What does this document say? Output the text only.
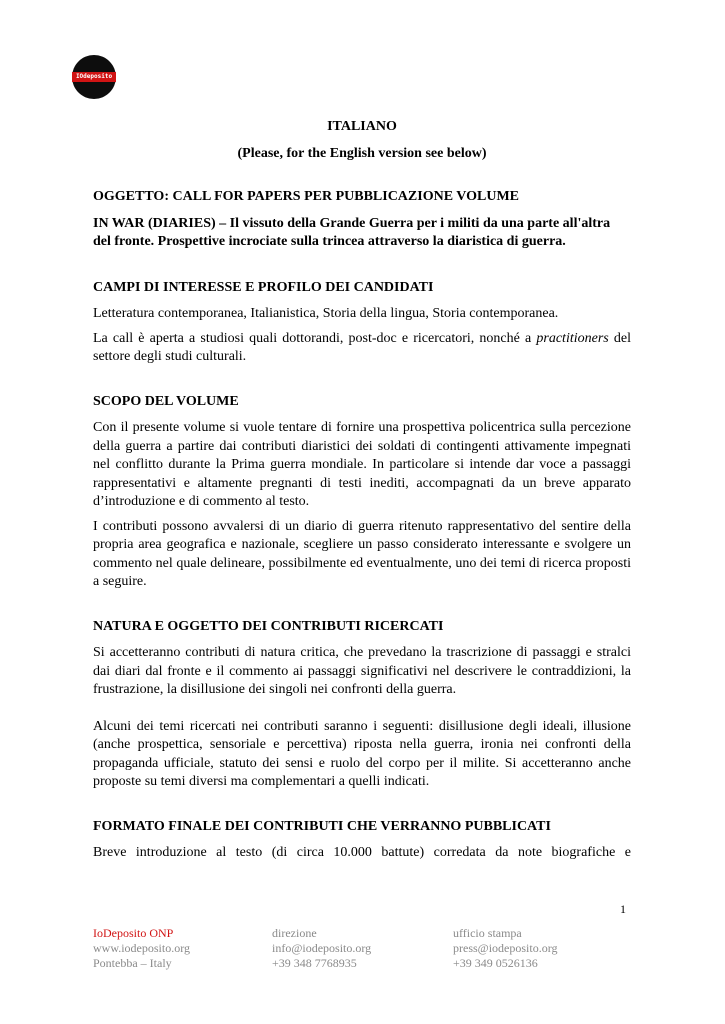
IOdeposito

ITALIANO

(Please, for the English version see below)

OGGETTO: CALL FOR PAPERS PER PUBBLICAZIONE VOLUME

IN WAR (DIARIES) – Il vissuto della Grande Guerra per i militi da una parte all'altra del fronte. Prospettive incrociate sulla trincea attraverso la diaristica di guerra.

CAMPI DI INTERESSE E PROFILO DEI CANDIDATI

Letteratura contemporanea, Italianistica, Storia della lingua, Storia contemporanea.

La call è aperta a studiosi quali dottorandi, post-doc e ricercatori, nonché a practitioners del settore degli studi culturali.

SCOPO DEL VOLUME

Con il presente volume si vuole tentare di fornire una prospettiva policentrica sulla percezione della guerra a partire dai contributi diaristici dei soldati di contingenti attivamente impegnati nel conflitto durante la Prima guerra mondiale. In particolare si intende dar voce a passaggi rappresentativi e altamente pregnanti di testi inediti, accompagnati da un breve apparato d’introduzione e di commento al testo.

I contributi possono avvalersi di un diario di guerra ritenuto rappresentativo del sentire della propria area geografica e nazionale, scegliere un passo considerato interessante e svolgere un commento nel quale delineare, possibilmente ed eventualmente, uno dei temi di ricerca proposti a seguire.

NATURA E OGGETTO DEI CONTRIBUTI RICERCATI

Si accetteranno contributi di natura critica, che prevedano la trascrizione di passaggi e stralci dai diari dal fronte e il commento ai passaggi significativi nel descrivere le contraddizioni, la frustrazione, la disillusione dei singoli nei confronti della guerra.

Alcuni dei temi ricercati nei contributi saranno i seguenti: disillusione degli ideali, illusione (anche prospettica, sensoriale e percettiva) riposta nella guerra, ironia nei confronti della propaganda ufficiale, statuto dei sensi e ruolo del corpo per il milite. Si accetteranno anche proposte su temi diversi ma complementari a quelli indicati.

FORMATO FINALE DEI CONTRIBUTI CHE VERRANNO PUBBLICATI

Breve introduzione al testo (di circa 10.000 battute) corredata da note biografiche e

1
IoDeposito ONP
www.iodeposito.org
Pontebba – Italy
direzione
info@iodeposito.org
+39 348 7768935
ufficio stampa
press@iodeposito.org
+39 349 0526136
